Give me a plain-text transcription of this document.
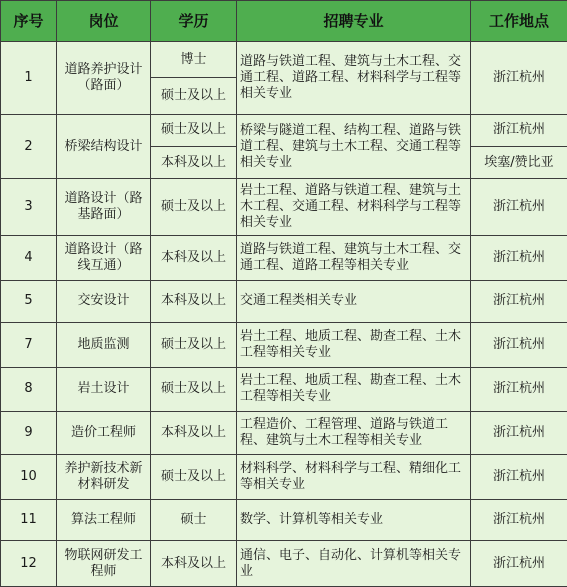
序号	岗位	学历	招聘专业	工作地点
1	道路养护设计（路面）	博士	道路与铁道工程、建筑与土木工程、交通工程、道路工程、材料科学与工程等相关专业	浙江杭州
		硕士及以上		
2	桥梁结构设计	硕士及以上	桥梁与隧道工程、结构工程、道路与铁道工程、建筑与土木工程、交通工程等相关专业	浙江杭州
		本科及以上		埃塞/赞比亚
3	道路设计（路基路面）	硕士及以上	岩土工程、道路与铁道工程、建筑与土木工程、交通工程、材料科学与工程等相关专业	浙江杭州
4	道路设计（路线互通）	本科及以上	道路与铁道工程、建筑与土木工程、交通工程、道路工程等相关专业	浙江杭州
5	交安设计	本科及以上	交通工程类相关专业	浙江杭州
7	地质监测	硕士及以上	岩土工程、地质工程、勘查工程、土木工程等相关专业	浙江杭州
8	岩土设计	硕士及以上	岩土工程、地质工程、勘查工程、土木工程等相关专业	浙江杭州
9	造价工程师	本科及以上	工程造价、工程管理、道路与铁道工程、建筑与土木工程等相关专业	浙江杭州
10	养护新技术新材料研发	硕士及以上	材料科学、材料科学与工程、精细化工等相关专业	浙江杭州
11	算法工程师	硕士	数学、计算机等相关专业	浙江杭州
12	物联网研发工程师	本科及以上	通信、电子、自动化、计算机等相关专业	浙江杭州
